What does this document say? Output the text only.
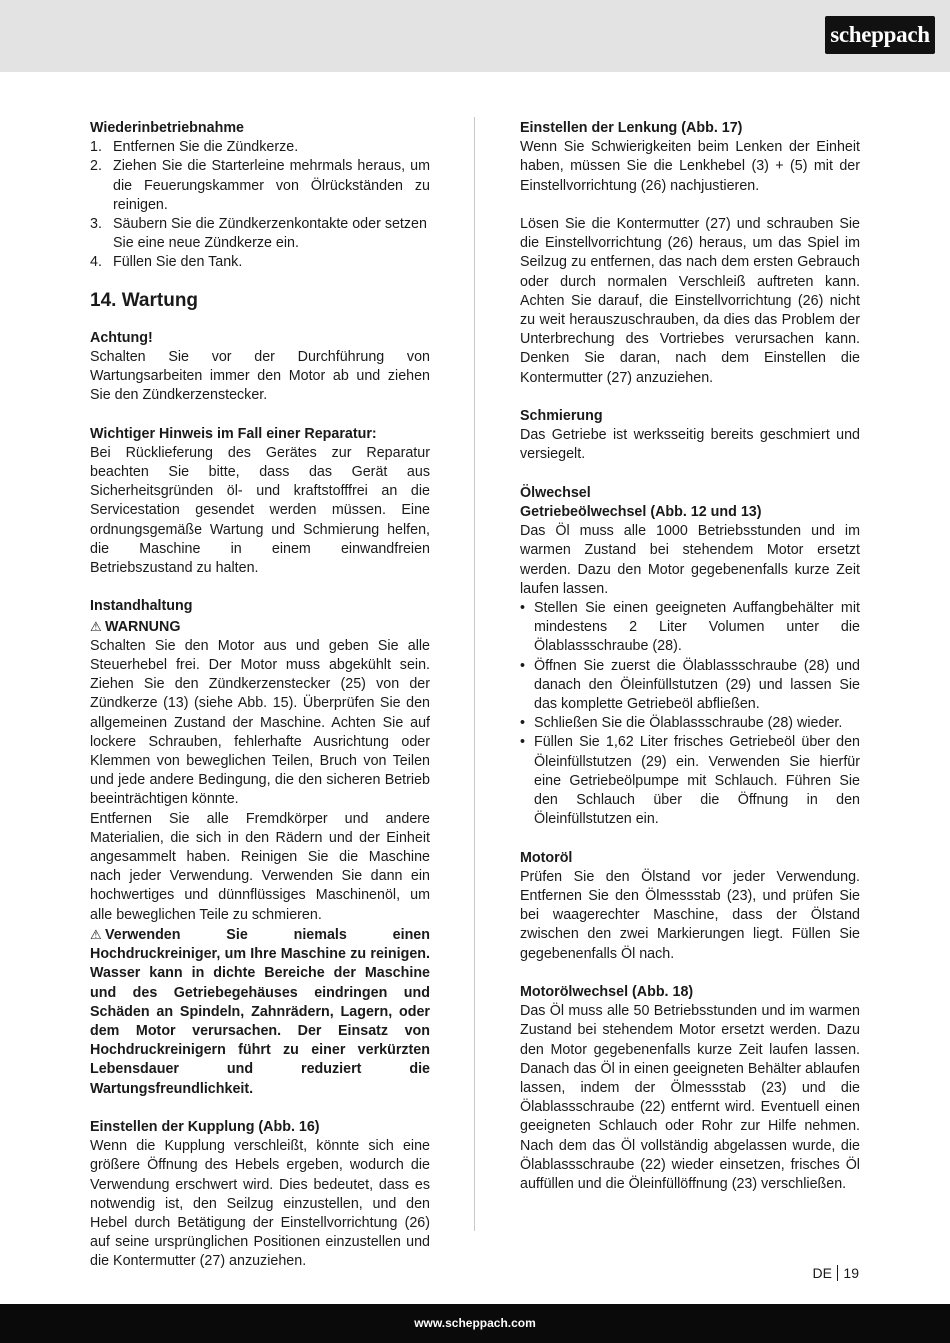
scheppach

Wiederinbetriebnahme

1. Entfernen Sie die Zündkerze.
2. Ziehen Sie die Starterleine mehrmals heraus, um die Feuerungskammer von Ölrückständen zu reinigen.
3. Säubern Sie die Zündkerzenkontakte oder setzen Sie eine neue Zündkerze ein.
4. Füllen Sie den Tank.
14. Wartung

Achtung!

Schalten Sie vor der Durchführung von Wartungsarbeiten immer den Motor ab und ziehen Sie den Zündkerzenstecker.

Wichtiger Hinweis im Fall einer Reparatur:

Bei Rücklieferung des Gerätes zur Reparatur beachten Sie bitte, dass das Gerät aus Sicherheitsgründen öl- und kraftstofffrei an die Servicestation gesendet werden müssen. Eine ordnungsgemäße Wartung und Schmierung helfen, die Maschine in einem einwandfreien Betriebszustand zu halten.

Instandhaltung

⚠ WARNUNG

Schalten Sie den Motor aus und geben Sie alle Steuerhebel frei. Der Motor muss abgekühlt sein. Ziehen Sie den Zündkerzenstecker (25) von der Zündkerze (13) (siehe Abb. 15). Überprüfen Sie den allgemeinen Zustand der Maschine. Achten Sie auf lockere Schrauben, fehlerhafte Ausrichtung oder Klemmen von beweglichen Teilen, Bruch von Teilen und jede andere Bedingung, die den sicheren Betrieb beeinträchtigen könnte.

Entfernen Sie alle Fremdkörper und andere Materialien, die sich in den Rädern und der Einheit angesammelt haben. Reinigen Sie die Maschine nach jeder Verwendung. Verwenden Sie dann ein hochwertiges und dünnflüssiges Maschinenöl, um alle beweglichen Teile zu schmieren.

⚠ Verwenden Sie niemals einen Hochdruckreiniger, um Ihre Maschine zu reinigen. Wasser kann in dichte Bereiche der Maschine und des Getriebegehäuses eindringen und Schäden an Spindeln, Zahnrädern, Lagern, oder dem Motor verursachen. Der Einsatz von Hochdruckreinigern führt zu einer verkürzten Lebensdauer und reduziert die Wartungsfreundlichkeit.

Einstellen der Kupplung (Abb. 16)

Wenn die Kupplung verschleißt, könnte sich eine größere Öffnung des Hebels ergeben, wodurch die Verwendung erschwert wird. Dies bedeutet, dass es notwendig ist, den Seilzug einzustellen, und den Hebel durch Betätigung der Einstellvorrichtung (26) auf seine ursprünglichen Positionen einzustellen und die Kontermutter (27) anzuziehen.

Einstellen der Lenkung (Abb. 17)

Wenn Sie Schwierigkeiten beim Lenken der Einheit haben, müssen Sie die Lenkhebel (3) + (5) mit der Einstellvorrichtung (26) nachjustieren.

Lösen Sie die Kontermutter (27) und schrauben Sie die Einstellvorrichtung (26) heraus, um das Spiel im Seilzug zu entfernen, das nach dem ersten Gebrauch oder durch normalen Verschleiß auftreten kann. Achten Sie darauf, die Einstellvorrichtung (26) nicht zu weit herauszuschrauben, da dies das Problem der Unterbrechung des Vortriebes verursachen kann. Denken Sie daran, nach dem Einstellen die Kontermutter (27) anzuziehen.

Schmierung

Das Getriebe ist werksseitig bereits geschmiert und versiegelt.

Ölwechsel

Getriebeölwechsel (Abb. 12 und 13)

Das Öl muss alle 1000 Betriebsstunden und im warmen Zustand bei stehendem Motor ersetzt werden. Dazu den Motor gegebenenfalls kurze Zeit laufen lassen.

• Stellen Sie einen geeigneten Auffangbehälter mit mindestens 2 Liter Volumen unter die Ölablassschraube (28).
• Öffnen Sie zuerst die Ölablassschraube (28) und danach den Öleinfüllstutzen (29) und lassen Sie das komplette Getriebeöl abfließen.
• Schließen Sie die Ölablassschraube (28) wieder.
• Füllen Sie 1,62 Liter frisches Getriebeöl über den Öleinfüllstutzen (29) ein. Verwenden Sie hierfür eine Getriebeölpumpe mit Schlauch. Führen Sie den Schlauch über die Öffnung in den Öleinfüllstutzen ein.

Motoröl

Prüfen Sie den Ölstand vor jeder Verwendung. Entfernen Sie den Ölmessstab (23), und prüfen Sie bei waagerechter Maschine, dass der Ölstand zwischen den zwei Markierungen liegt. Füllen Sie gegebenenfalls Öl nach.

Motorölwechsel (Abb. 18)

Das Öl muss alle 50 Betriebsstunden und im warmen Zustand bei stehendem Motor ersetzt werden. Dazu den Motor gegebenenfalls kurze Zeit laufen lassen. Danach das Öl in einen geeigneten Behälter ablaufen lassen, indem der Ölmessstab (23) und die Ölablassschraube (22) entfernt wird. Eventuell einen geeigneten Schlauch oder Rohr zur Hilfe nehmen. Nach dem das Öl vollständig abgelassen wurde, die Ölablassschraube (22) wieder einsetzen, frisches Öl auffüllen und die Öleinfüllöffnung (23) verschließen.

DE 19
www.scheppach.com
